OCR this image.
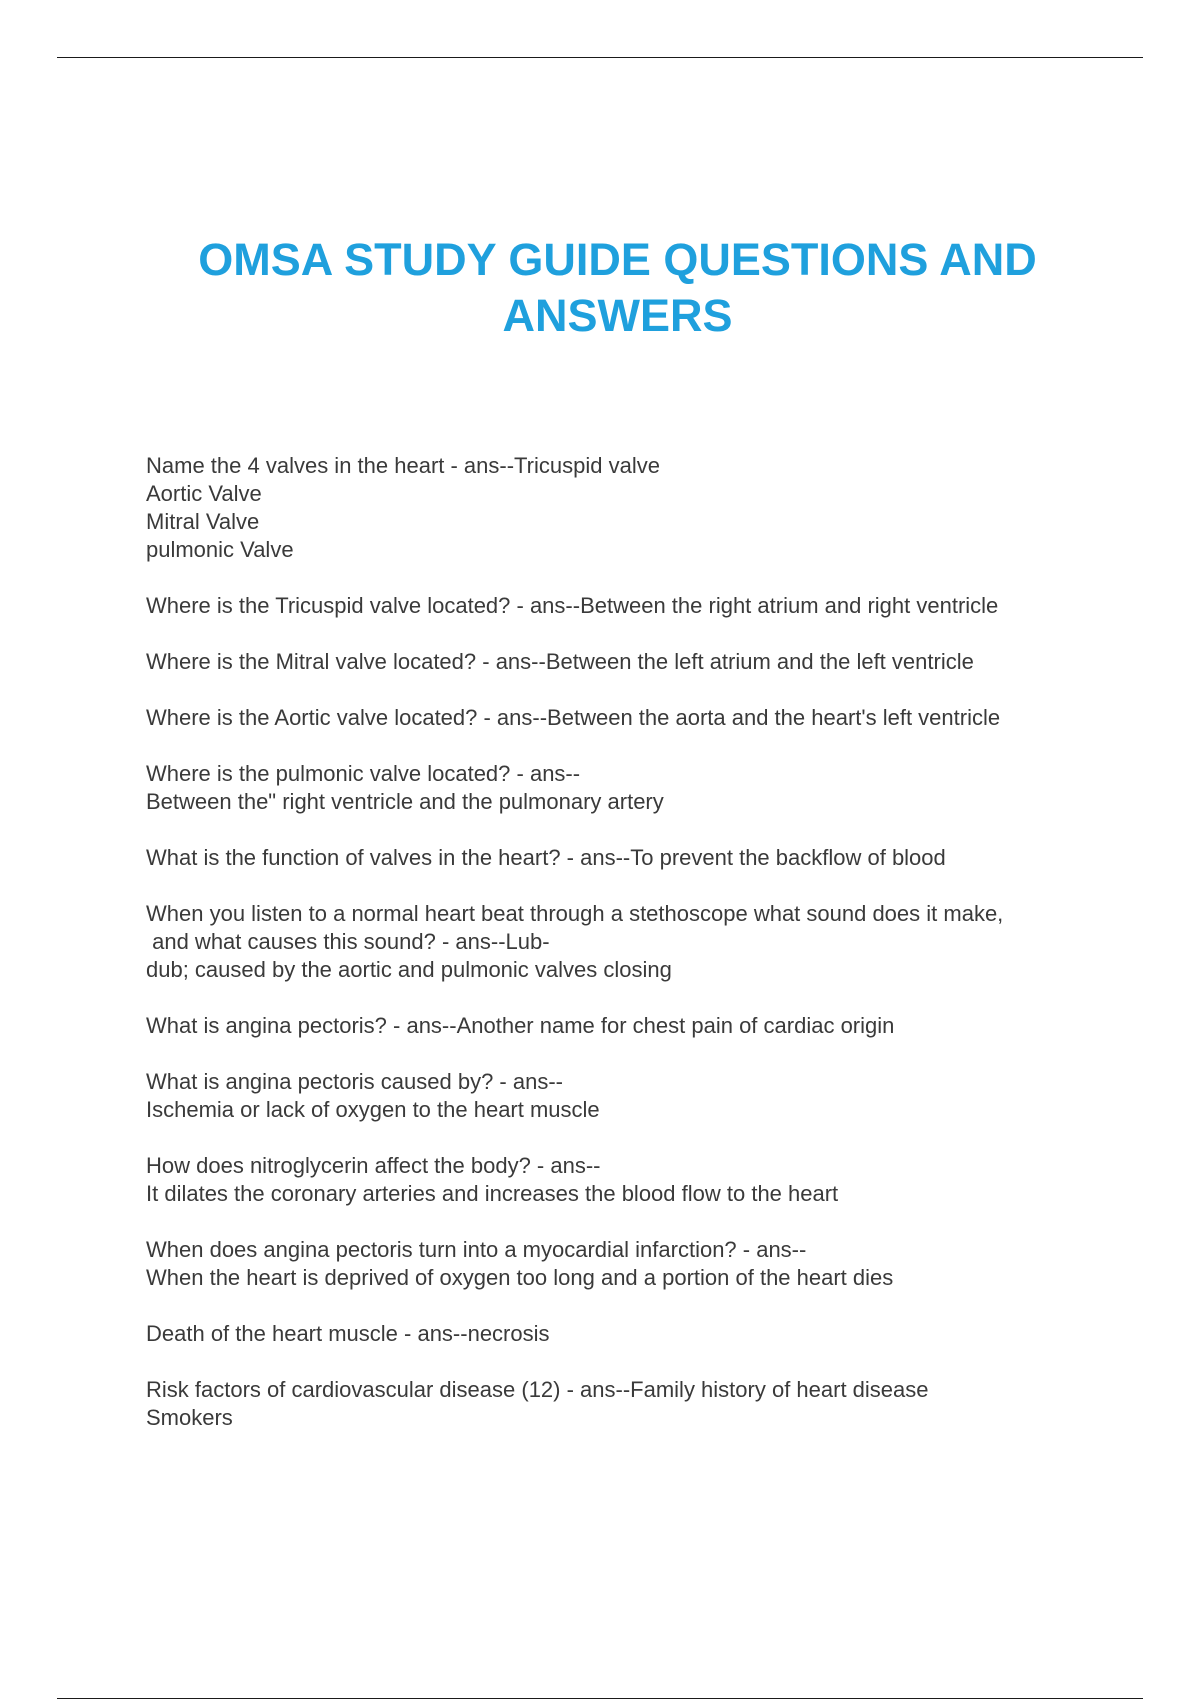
OMSA STUDY GUIDE QUESTIONS AND
ANSWERS
Name the 4 valves in the heart - ans--Tricuspid valve
Aortic Valve
Mitral Valve
pulmonic Valve
Where is the Tricuspid valve located? - ans--Between the right atrium and right ventricle
Where is the Mitral valve located? - ans--Between the left atrium and the left ventricle
Where is the Aortic valve located? - ans--Between the aorta and the heart's left ventricle
Where is the pulmonic valve located? - ans--
Between the" right ventricle and the pulmonary artery
What is the function of valves in the heart? - ans--To prevent the backflow of blood
When you listen to a normal heart beat through a stethoscope what sound does it make,
and what causes this sound? - ans--Lub-
dub; caused by the aortic and pulmonic valves closing
What is angina pectoris? - ans--Another name for chest pain of cardiac origin
What is angina pectoris caused by? - ans--
Ischemia or lack of oxygen to the heart muscle
How does nitroglycerin affect the body? - ans--
It dilates the coronary arteries and increases the blood flow to the heart
When does angina pectoris turn into a myocardial infarction? - ans--
When the heart is deprived of oxygen too long and a portion of the heart dies
Death of the heart muscle - ans--necrosis
Risk factors of cardiovascular disease (12) - ans--Family history of heart disease
Smokers
